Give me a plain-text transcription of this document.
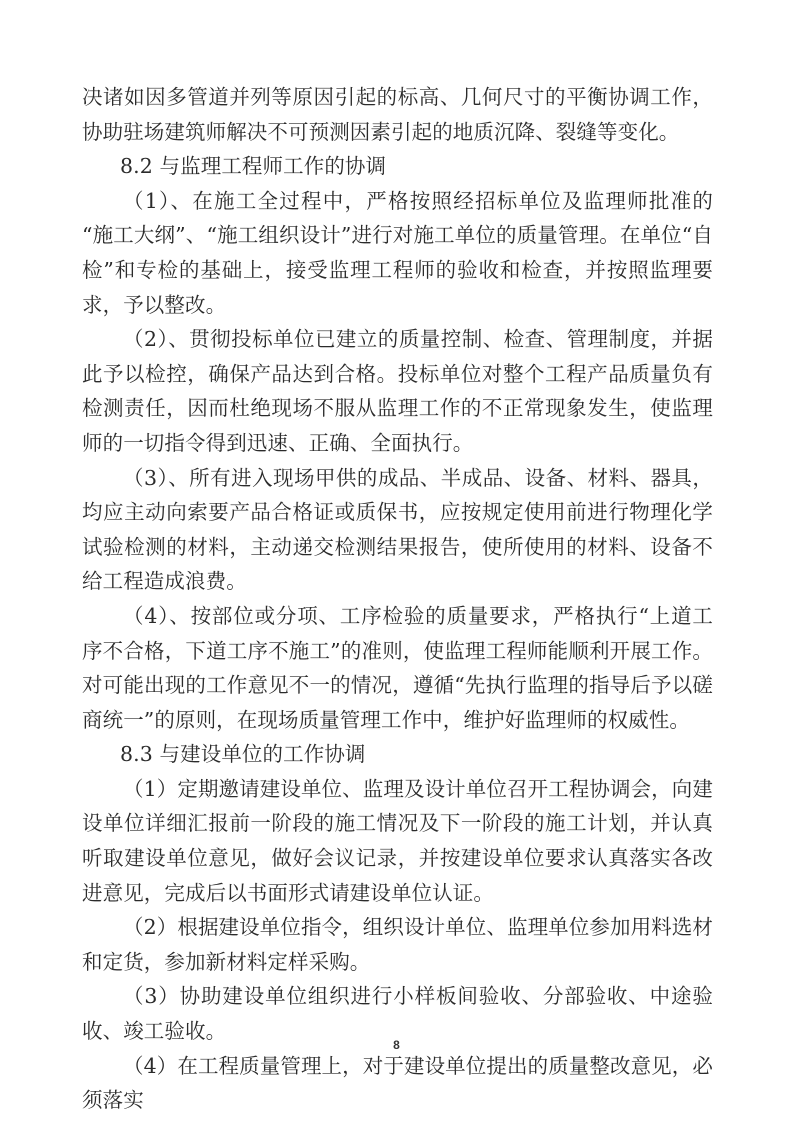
决诸如因多管道并列等原因引起的标高、几何尺寸的平衡协调工作，协助驻场建筑师解决不可预测因素引起的地质沉降、裂缝等变化。

8.2 与监理工程师工作的协调

（1）、在施工全过程中，严格按照经招标单位及监理师批准的“施工大纲”、“施工组织设计”进行对施工单位的质量管理。在单位“自检”和专检的基础上，接受监理工程师的验收和检查，并按照监理要求，予以整改。

（2）、贯彻投标单位已建立的质量控制、检查、管理制度，并据此予以检控，确保产品达到合格。投标单位对整个工程产品质量负有检测责任，因而杜绝现场不服从监理工作的不正常现象发生，使监理师的一切指令得到迅速、正确、全面执行。

（3）、所有进入现场甲供的成品、半成品、设备、材料、器具，均应主动向索要产品合格证或质保书，应按规定使用前进行物理化学试验检测的材料，主动递交检测结果报告，使所使用的材料、设备不给工程造成浪费。

（4）、按部位或分项、工序检验的质量要求，严格执行“上道工序不合格，下道工序不施工”的准则，使监理工程师能顺利开展工作。对可能出现的工作意见不一的情况，遵循“先执行监理的指导后予以磋商统一”的原则，在现场质量管理工作中，维护好监理师的权威性。

8.3 与建设单位的工作协调

（1）定期邀请建设单位、监理及设计单位召开工程协调会，向建设单位详细汇报前一阶段的施工情况及下一阶段的施工计划，并认真听取建设单位意见，做好会议记录，并按建设单位要求认真落实各改进意见，完成后以书面形式请建设单位认证。

（2）根据建设单位指令，组织设计单位、监理单位参加用料选材和定货，参加新材料定样采购。

（3）协助建设单位组织进行小样板间验收、分部验收、中途验收、竣工验收。

（4）在工程质量管理上，对于建设单位提出的质量整改意见，必须落实

8
